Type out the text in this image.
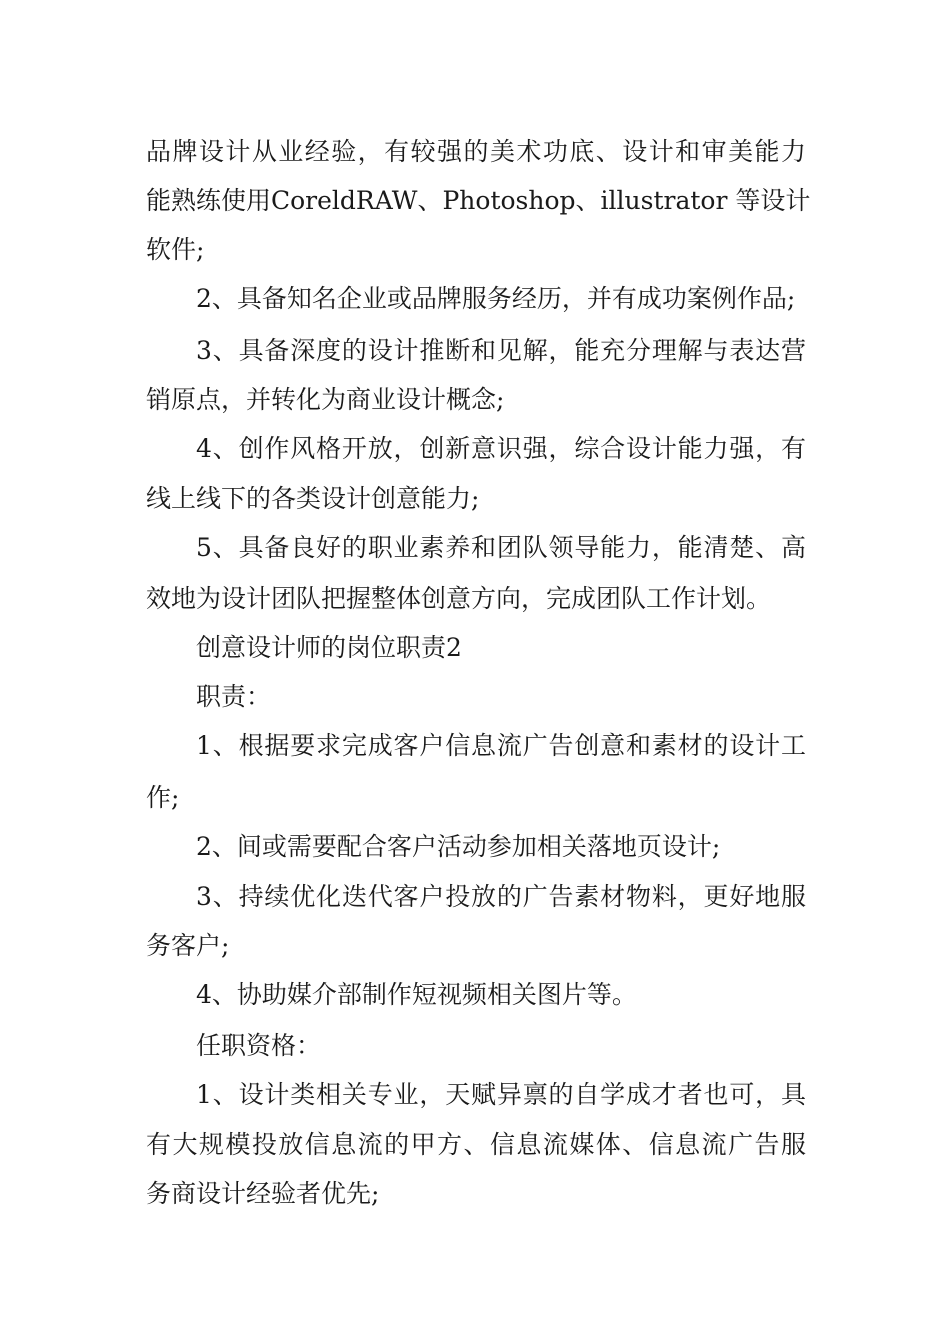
品牌设计从业经验，有较强的美术功底、设计和审美能力
能熟练使用CoreldRAW、Photoshop、illustrator 等设计
软件;
2、具备知名企业或品牌服务经历，并有成功案例作品;
3、具备深度的设计推断和见解，能充分理解与表达营
销原点，并转化为商业设计概念;
4、创作风格开放，创新意识强，综合设计能力强，有
线上线下的各类设计创意能力;
5、具备良好的职业素养和团队领导能力，能清楚、高
效地为设计团队把握整体创意方向，完成团队工作计划。
创意设计师的岗位职责2
职责：
1、根据要求完成客户信息流广告创意和素材的设计工
作;
2、间或需要配合客户活动参加相关落地页设计;
3、持续优化迭代客户投放的广告素材物料，更好地服
务客户;
4、协助媒介部制作短视频相关图片等。
任职资格：
1、设计类相关专业，天赋异禀的自学成才者也可，具
有大规模投放信息流的甲方、信息流媒体、信息流广告服
务商设计经验者优先;
